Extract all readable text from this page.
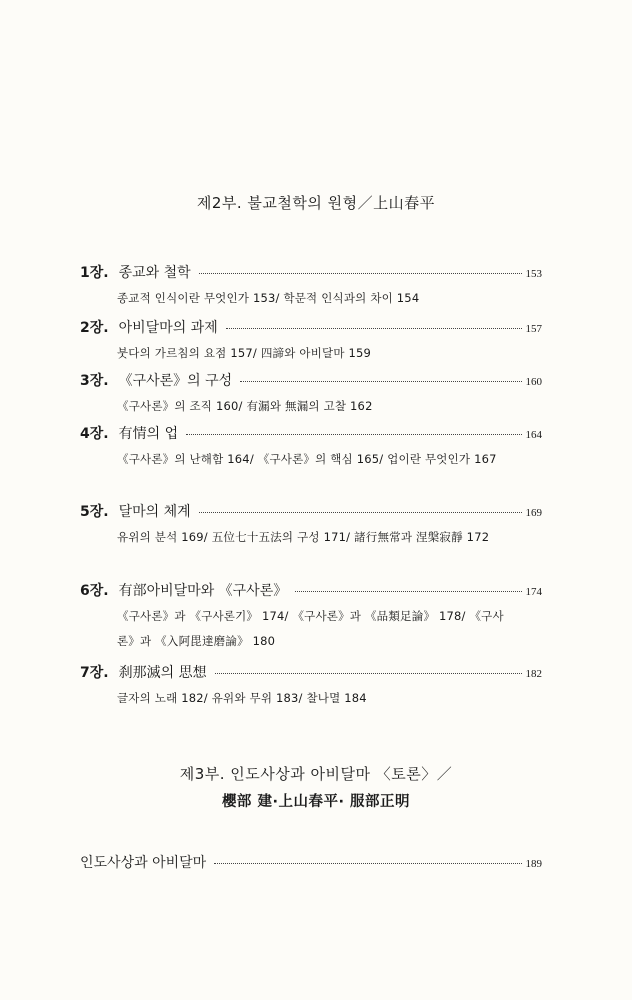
제2부. 불교철학의 원형／上山春平
1장. 종교와 철학	153
종교적 인식이란 무엇인가 153/ 학문적 인식과의 차이 154
2장. 아비달마의 과제	157
붓다의 가르침의 요점 157/ 四諦와 아비달마 159
3장. 《구사론》의 구성	160
《구사론》의 조직 160/ 有漏와 無漏의 고찰 162
4장. 有情의 업	164
《구사론》의 난해함 164/ 《구사론》의 핵심 165/ 업이란 무엇인가 167
5장. 달마의 체계	169
유위의 분석 169/ 五位七十五法의 구성 171/ 諸行無常과 涅槃寂靜 172
6장. 有部아비달마와 《구사론》	174
《구사론》과 《구사론기》 174/ 《구사론》과 《品類足論》 178/ 《구사론》과 《入阿毘達磨論》 180
7장. 刹那滅의 思想	182
글자의 노래 182/ 유위와 무위 183/ 찰나멸 184
인도사상과 아비달마	189
제3부. 인도사상과 아비달마 〈토론〉／
櫻部 建·上山春平· 服部正明
